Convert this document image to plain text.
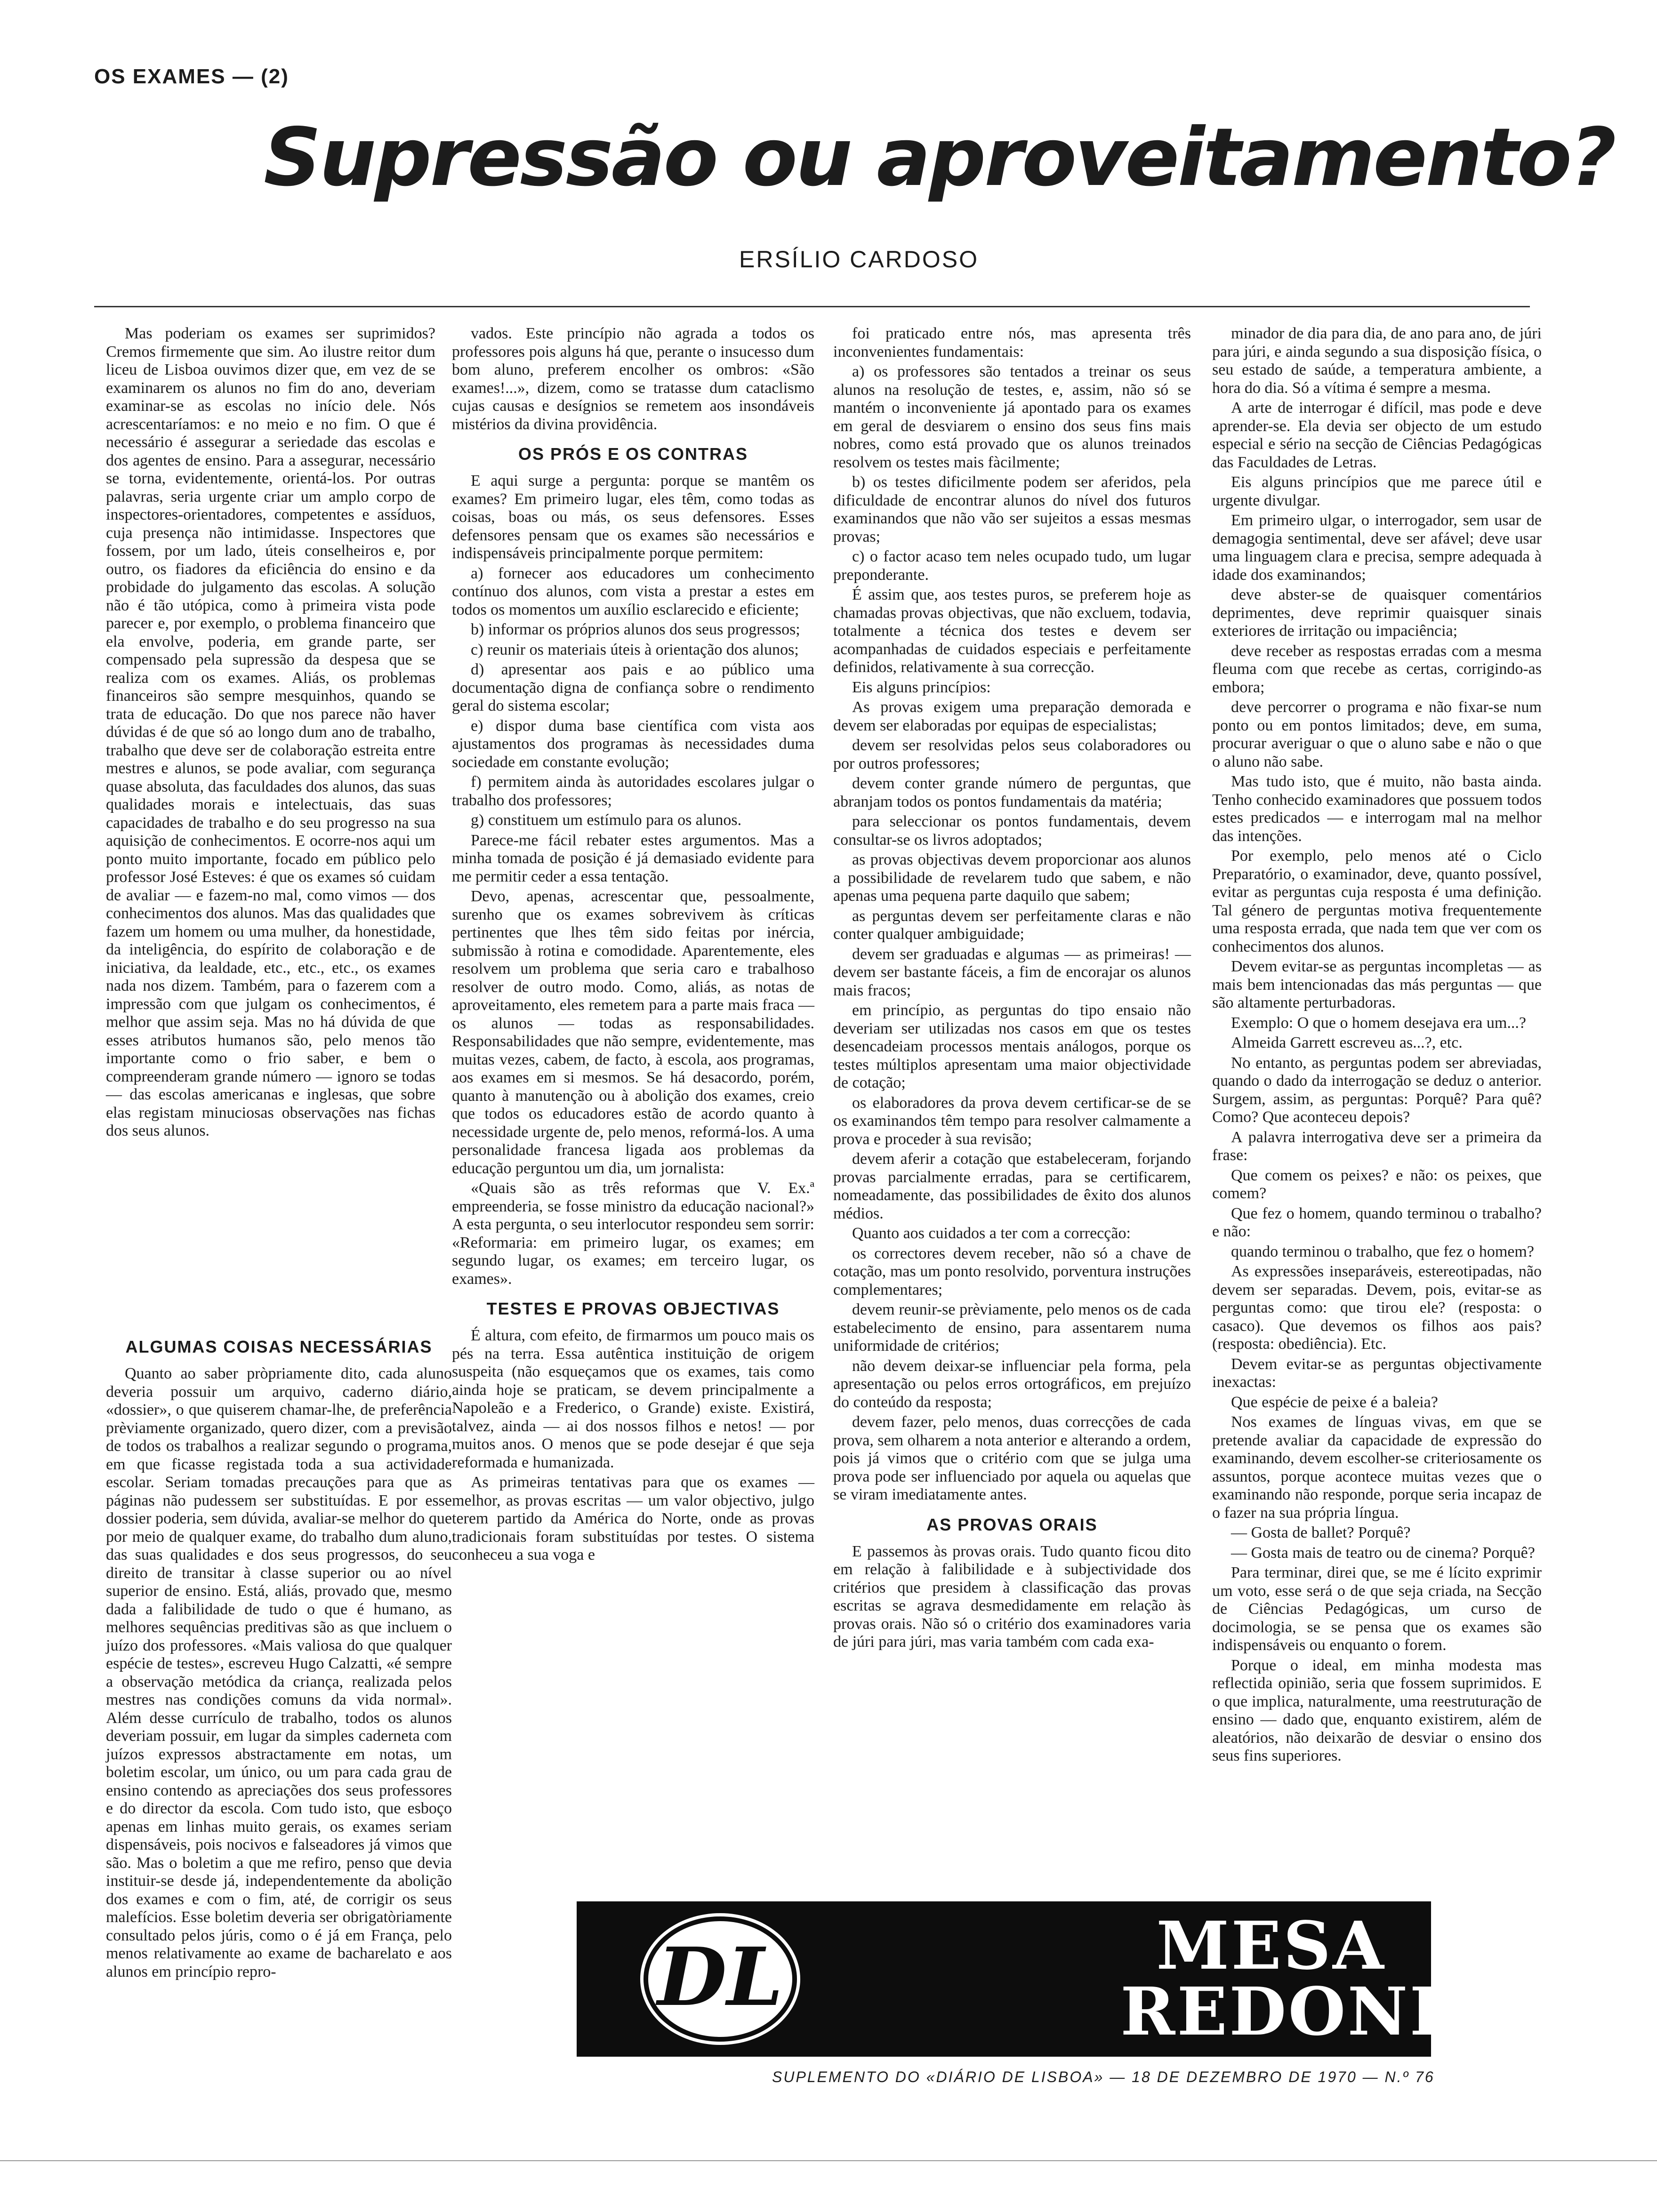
OS EXAMES — (2)
Supressão ou aproveitamento?
ERSÍLIO CARDOSO

Mas poderiam os exames ser suprimidos? Cremos firmemente que sim. Ao ilustre reitor dum liceu de Lisboa ouvimos dizer que, em vez de se examinarem os alunos no fim do ano, deveriam examinar-se as escolas no início dele. Nós acrescentaríamos: e no meio e no fim. O que é necessário é assegurar a seriedade das escolas e dos agentes de ensino. Para a assegurar, necessário se torna, evidentemente, orientá-los. Por outras palavras, seria urgente criar um amplo corpo de inspectores-orientadores, competentes e assíduos, cuja presença não intimidasse. Inspectores que fossem, por um lado, úteis conselheiros e, por outro, os fiadores da eficiência do ensino e da probidade do julgamento das escolas. A solução não é tão utópica, como à primeira vista pode parecer e, por exemplo, o problema financeiro que ela envolve, poderia, em grande parte, ser compensado pela supressão da despesa que se realiza com os exames. Aliás, os problemas financeiros são sempre mesquinhos, quando se trata de educação. Do que nos parece não haver dúvidas é de que só ao longo dum ano de trabalho, trabalho que deve ser de colaboração estreita entre mestres e alunos, se pode avaliar, com segurança quase absoluta, das faculdades dos alunos, das suas qualidades morais e intelectuais, das suas capacidades de trabalho e do seu progresso na sua aquisição de conhecimentos. E ocorre-nos aqui um ponto muito importante, focado em público pelo professor José Esteves: é que os exames só cuidam de avaliar — e fazem-no mal, como vimos — dos conhecimentos dos alunos. Mas das qualidades que fazem um homem ou uma mulher, da honestidade, da inteligência, do espírito de colaboração e de iniciativa, da lealdade, etc., etc., etc., os exames nada nos dizem. Também, para o fazerem com a impressão com que julgam os conhecimentos, é melhor que assim seja. Mas no há dúvida de que esses atributos humanos são, pelo menos tão importante como o frio saber, e bem o compreenderam grande número — ignoro se todas — das escolas americanas e inglesas, que sobre elas registam minuciosas observações nas fichas dos seus alunos.

ALGUMAS COISAS NECESSÁRIAS

Quanto ao saber pròpriamente dito, cada aluno deveria possuir um arquivo, caderno diário, «dossier», o que quiserem chamar-lhe, de preferência prèviamente organizado, quero dizer, com a previsão de todos os trabalhos a realizar segundo o programa, em que ficasse registada toda a sua actividade escolar. Seriam tomadas precauções para que as páginas não pudessem ser substituídas. E por esse dossier poderia, sem dúvida, avaliar-se melhor do que por meio de qualquer exame, do trabalho dum aluno, das suas qualidades e dos seus progressos, do seu direito de transitar à classe superior ou ao nível superior de ensino. Está, aliás, provado que, mesmo dada a falibilidade de tudo o que é humano, as melhores sequências preditivas são as que incluem o juízo dos professores. «Mais valiosa do que qualquer espécie de testes», escreveu Hugo Calzatti, «é sempre a observação metódica da criança, realizada pelos mestres nas condições comuns da vida normal». Além desse currículo de trabalho, todos os alunos deveriam possuir, em lugar da simples caderneta com juízos expressos abstractamente em notas, um boletim escolar, um único, ou um para cada grau de ensino contendo as apreciações dos seus professores e do director da escola. Com tudo isto, que esboço apenas em linhas muito gerais, os exames seriam dispensáveis, pois nocivos e falseadores já vimos que são. Mas o boletim a que me refiro, penso que devia instituir-se desde já, independentemente da abolição dos exames e com o fim, até, de corrigir os seus malefícios. Esse boletim deveria ser obrigatòriamente consultado pelos júris, como o é já em França, pelo menos relativamente ao exame de bacharelato e aos alunos em princípio repro-

vados. Este princípio não agrada a todos os professores pois alguns há que, perante o insucesso dum bom aluno, preferem encolher os ombros: «São exames!...», dizem, como se tratasse dum cataclismo cujas causas e desígnios se remetem aos insondáveis mistérios da divina providência.

OS PRÓS E OS CONTRAS

E aqui surge a pergunta: porque se mantêm os exames? Em primeiro lugar, eles têm, como todas as coisas, boas ou más, os seus defensores. Esses defensores pensam que os exames são necessários e indispensáveis principalmente porque permitem:

a) fornecer aos educadores um conhecimento contínuo dos alunos, com vista a prestar a estes em todos os momentos um auxílio esclarecido e eficiente;

b) informar os próprios alunos dos seus progressos;

c) reunir os materiais úteis à orientação dos alunos;

d) apresentar aos pais e ao público uma documentação digna de confiança sobre o rendimento geral do sistema escolar;

e) dispor duma base científica com vista aos ajustamentos dos programas às necessidades duma sociedade em constante evolução;

f) permitem ainda às autoridades escolares julgar o trabalho dos professores;

g) constituem um estímulo para os alunos.

Parece-me fácil rebater estes argumentos. Mas a minha tomada de posição é já demasiado evidente para me permitir ceder a essa tentação.

Devo, apenas, acrescentar que, pessoalmente, surenho que os exames sobrevivem às críticas pertinentes que lhes têm sido feitas por inércia, submissão à rotina e comodidade. Aparentemente, eles resolvem um problema que seria caro e trabalhoso resolver de outro modo. Como, aliás, as notas de aproveitamento, eles remetem para a parte mais fraca — os alunos — todas as responsabilidades. Responsabilidades que não sempre, evidentemente, mas muitas vezes, cabem, de facto, à escola, aos programas, aos exames em si mesmos. Se há desacordo, porém, quanto à manutenção ou à abolição dos exames, creio que todos os educadores estão de acordo quanto à necessidade urgente de, pelo menos, reformá-los. A uma personalidade francesa ligada aos problemas da educação perguntou um dia, um jornalista:

«Quais são as três reformas que V. Ex.ª empreenderia, se fosse ministro da educação nacional?» A esta pergunta, o seu interlocutor respondeu sem sorrir: «Reformaria: em primeiro lugar, os exames; em segundo lugar, os exames; em terceiro lugar, os exames».

TESTES E PROVAS OBJECTIVAS

É altura, com efeito, de firmarmos um pouco mais os pés na terra. Essa autêntica instituição de origem suspeita (não esqueçamos que os exames, tais como ainda hoje se praticam, se devem principalmente a Napoleão e a Frederico, o Grande) existe. Existirá, talvez, ainda — ai dos nossos filhos e netos! — por muitos anos. O menos que se pode desejar é que seja reformada e humanizada.

As primeiras tentativas para que os exames — melhor, as provas escritas — um valor objectivo, julgo terem partido da América do Norte, onde as provas tradicionais foram substituídas por testes. O sistema conheceu a sua voga e

foi praticado entre nós, mas apresenta três inconvenientes fundamentais:

a) os professores são tentados a treinar os seus alunos na resolução de testes, e, assim, não só se mantém o inconveniente já apontado para os exames em geral de desviarem o ensino dos seus fins mais nobres, como está provado que os alunos treinados resolvem os testes mais fàcilmente;

b) os testes dificilmente podem ser aferidos, pela dificuldade de encontrar alunos do nível dos futuros examinandos que não vão ser sujeitos a essas mesmas provas;

c) o factor acaso tem neles ocupado tudo, um lugar preponderante.

É assim que, aos testes puros, se preferem hoje as chamadas provas objectivas, que não excluem, todavia, totalmente a técnica dos testes e devem ser acompanhadas de cuidados especiais e perfeitamente definidos, relativamente à sua correcção.

Eis alguns princípios:

As provas exigem uma preparação demorada e devem ser elaboradas por equipas de especialistas;

devem ser resolvidas pelos seus colaboradores ou por outros professores;

devem conter grande número de perguntas, que abranjam todos os pontos fundamentais da matéria;

para seleccionar os pontos fundamentais, devem consultar-se os livros adoptados;

as provas objectivas devem proporcionar aos alunos a possibilidade de revelarem tudo que sabem, e não apenas uma pequena parte daquilo que sabem;

as perguntas devem ser perfeitamente claras e não conter qualquer ambiguidade;

devem ser graduadas e algumas — as primeiras! — devem ser bastante fáceis, a fim de encorajar os alunos mais fracos;

em princípio, as perguntas do tipo ensaio não deveriam ser utilizadas nos casos em que os testes desencadeiam processos mentais análogos, porque os testes múltiplos apresentam uma maior objectividade de cotação;

os elaboradores da prova devem certificar-se de se os examinandos têm tempo para resolver calmamente a prova e proceder à sua revisão;

devem aferir a cotação que estabeleceram, forjando provas parcialmente erradas, para se certificarem, nomeadamente, das possibilidades de êxito dos alunos médios.

Quanto aos cuidados a ter com a correcção:

os correctores devem receber, não só a chave de cotação, mas um ponto resolvido, porventura instruções complementares;

devem reunir-se prèviamente, pelo menos os de cada estabelecimento de ensino, para assentarem numa uniformidade de critérios;

não devem deixar-se influenciar pela forma, pela apresentação ou pelos erros ortográficos, em prejuízo do conteúdo da resposta;

devem fazer, pelo menos, duas correcções de cada prova, sem olharem a nota anterior e alterando a ordem, pois já vimos que o critério com que se julga uma prova pode ser influenciado por aquela ou aquelas que se viram imediatamente antes.

AS PROVAS ORAIS

E passemos às provas orais. Tudo quanto ficou dito em relação à falibilidade e à subjectividade dos critérios que presidem à classificação das provas escritas se agrava desmedidamente em relação às provas orais. Não só o critério dos examinadores varia de júri para júri, mas varia também com cada exa-

minador de dia para dia, de ano para ano, de júri para júri, e ainda segundo a sua disposição física, o seu estado de saúde, a temperatura ambiente, a hora do dia. Só a vítima é sempre a mesma.

A arte de interrogar é difícil, mas pode e deve aprender-se. Ela devia ser objecto de um estudo especial e sério na secção de Ciências Pedagógicas das Faculdades de Letras.

Eis alguns princípios que me parece útil e urgente divulgar.

Em primeiro ulgar, o interrogador, sem usar de demagogia sentimental, deve ser afável; deve usar uma linguagem clara e precisa, sempre adequada à idade dos examinandos;

deve abster-se de quaisquer comentários deprimentes, deve reprimir quaisquer sinais exteriores de irritação ou impaciência;

deve receber as respostas erradas com a mesma fleuma com que recebe as certas, corrigindo-as embora;

deve percorrer o programa e não fixar-se num ponto ou em pontos limitados; deve, em suma, procurar averiguar o que o aluno sabe e não o que o aluno não sabe.

Mas tudo isto, que é muito, não basta ainda. Tenho conhecido examinadores que possuem todos estes predicados — e interrogam mal na melhor das intenções.

Por exemplo, pelo menos até o Ciclo Preparatório, o examinador, deve, quanto possível, evitar as perguntas cuja resposta é uma definição. Tal género de perguntas motiva frequentemente uma resposta errada, que nada tem que ver com os conhecimentos dos alunos.

Devem evitar-se as perguntas incompletas — as mais bem intencionadas das más perguntas — que são altamente perturbadoras.

Exemplo: O que o homem desejava era um...?

Almeida Garrett escreveu as...?, etc.

No entanto, as perguntas podem ser abreviadas, quando o dado da interrogação se deduz o anterior. Surgem, assim, as perguntas: Porquê? Para quê? Como? Que aconteceu depois?

A palavra interrogativa deve ser a primeira da frase:

Que comem os peixes? e não: os peixes, que comem?

Que fez o homem, quando terminou o trabalho? e não:

quando terminou o trabalho, que fez o homem?

As expressões inseparáveis, estereotipadas, não devem ser separadas. Devem, pois, evitar-se as perguntas como: que tirou ele? (resposta: o casaco). Que devemos os filhos aos pais? (resposta: obediência). Etc.

Devem evitar-se as perguntas objectivamente inexactas:

Que espécie de peixe é a baleia?

Nos exames de línguas vivas, em que se pretende avaliar da capacidade de expressão do examinando, devem escolher-se criteriosamente os assuntos, porque acontece muitas vezes que o examinando não responde, porque seria incapaz de o fazer na sua própria língua.

— Gosta de ballet? Porquê?

— Gosta mais de teatro ou de cinema? Porquê?

Para terminar, direi que, se me é lícito exprimir um voto, esse será o de que seja criada, na Secção de Ciências Pedagógicas, um curso de docimologia, se se pensa que os exames são indispensáveis ou enquanto o forem.

Porque o ideal, em minha modesta mas reflectida opinião, seria que fossem suprimidos. E o que implica, naturalmente, uma reestruturação de ensino — dado que, enquanto existirem, além de aleatórios, não deixarão de desviar o ensino dos seus fins superiores.

DL	MESA
REDONDA
SUPLEMENTO DO «DIÁRIO DE LISBOA» — 18 DE DEZEMBRO DE 1970 — N.º 76
